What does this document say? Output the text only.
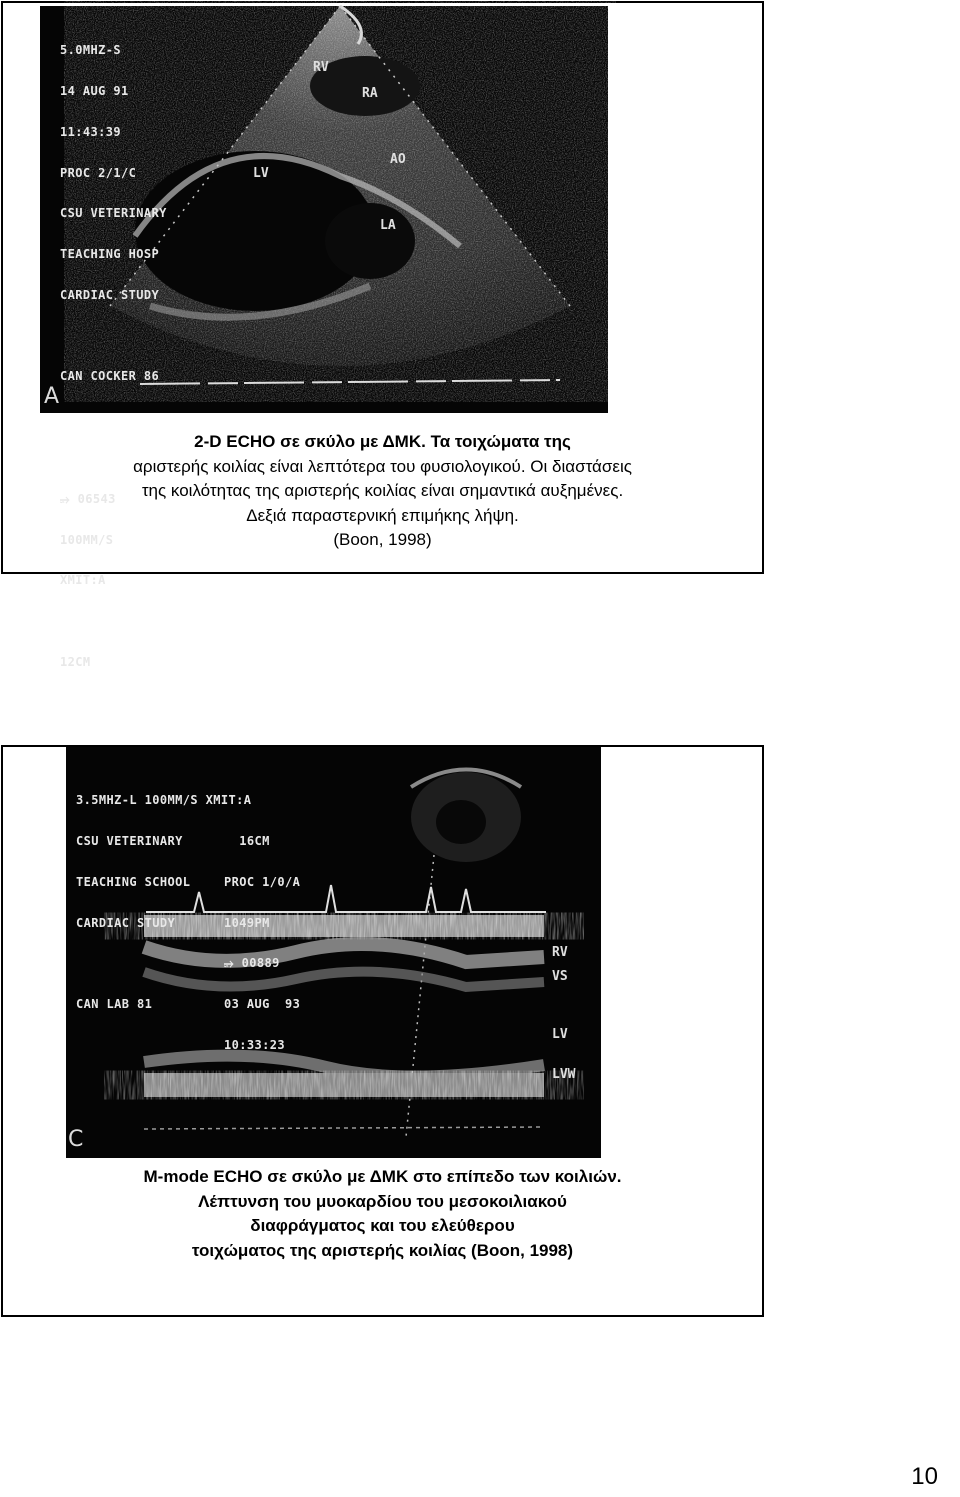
5.0MHZ-S

14 AUG 91

11:43:39

PROC 2/1/C

CSU VETERINARY

TEACHING HOSP

CARDIAC STUDY

CAN COCKER 86

⭌ 06543

100MM/S

XMIT:A

12CM

RV
RA
AO
LV
LA
A
2-D ECHO σε σκύλο με ΔΜΚ. Τα τοιχώματα της
αριστερής κοιλίας είναι λεπτότερα του φυσιολογικού. Οι διαστάσεις
της κοιλότητας της αριστερής κοιλίας είναι σημαντικά αυξημένες.
Δεξιά παραστερνική επιμήκης λήψη.
(Boon, 1998)

3.5MHZ-L 100MM/S XMIT:A

CSU VETERINARY

TEACHING SCHOOL

CARDIAC STUDY

CAN LAB 81

16CM

PROC 1/0/A

1049PM

⭌ 00889

03 AUG  93

10:33:23

RV
VS
LV
LVW
C
M-mode ECHO σε σκύλο με ΔΜΚ στο επίπεδο των κοιλιών.
Λέπτυνση του μυοκαρδίου του μεσοκοιλιακού
διαφράγματος και του ελεύθερου
τοιχώματος της αριστερής κοιλίας (Boon, 1998)
10
